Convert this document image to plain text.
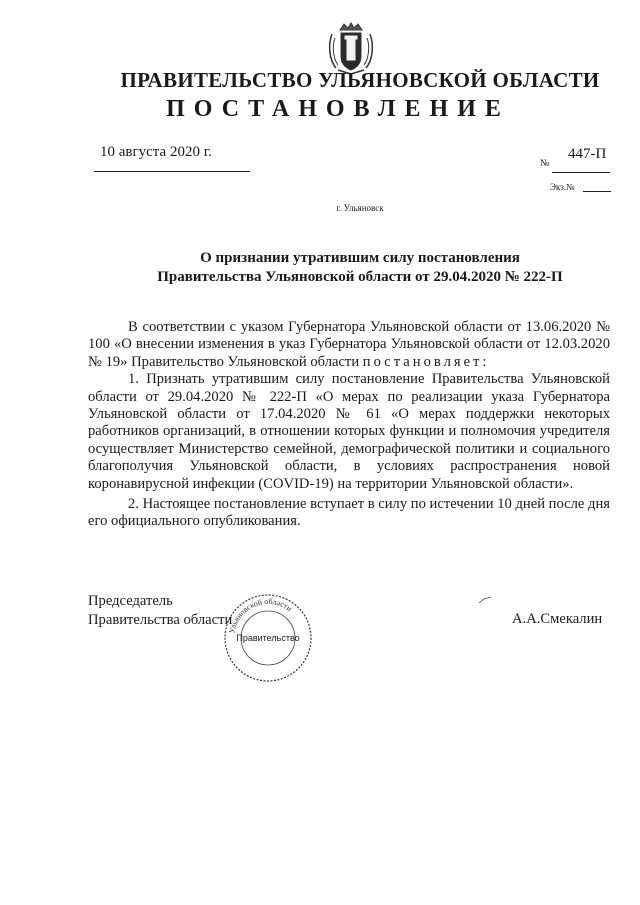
ПРАВИТЕЛЬСТВО УЛЬЯНОВСКОЙ ОБЛАСТИ
ПОСТАНОВЛЕНИЕ
10 августа 2020 г.
№
447-П
Экз.№
г. Ульяновск
О признании утратившим силу постановления
Правительства Ульяновской области от 29.04.2020 № 222-П

В соответствии с указом Губернатора Ульяновской области от 13.06.2020 № 100 «О внесении изменения в указ Губернатора Ульяновской области от 12.03.2020 № 19» Правительство Ульяновской области постановляет:

1. Признать утратившим силу постановление Правительства Ульяновской области от 29.04.2020 № 222-П «О мерах по реализации указа Губернатора Ульяновской области от 17.04.2020 № 61 «О мерах поддержки некоторых работников организаций, в отношении которых функции и полномочия учредителя осуществляет Министерство семейной, демографической политики и социального благополучия Ульяновской области, в условиях распространения новой коронавирусной инфекции (COVID-19) на территории Ульяновской области».

2. Настоящее постановление вступает в силу по истечении 10 дней после дня его официального опубликования.

Председатель
Правительства области
Ульяновской области
Правительство
А.А.Смекалин
